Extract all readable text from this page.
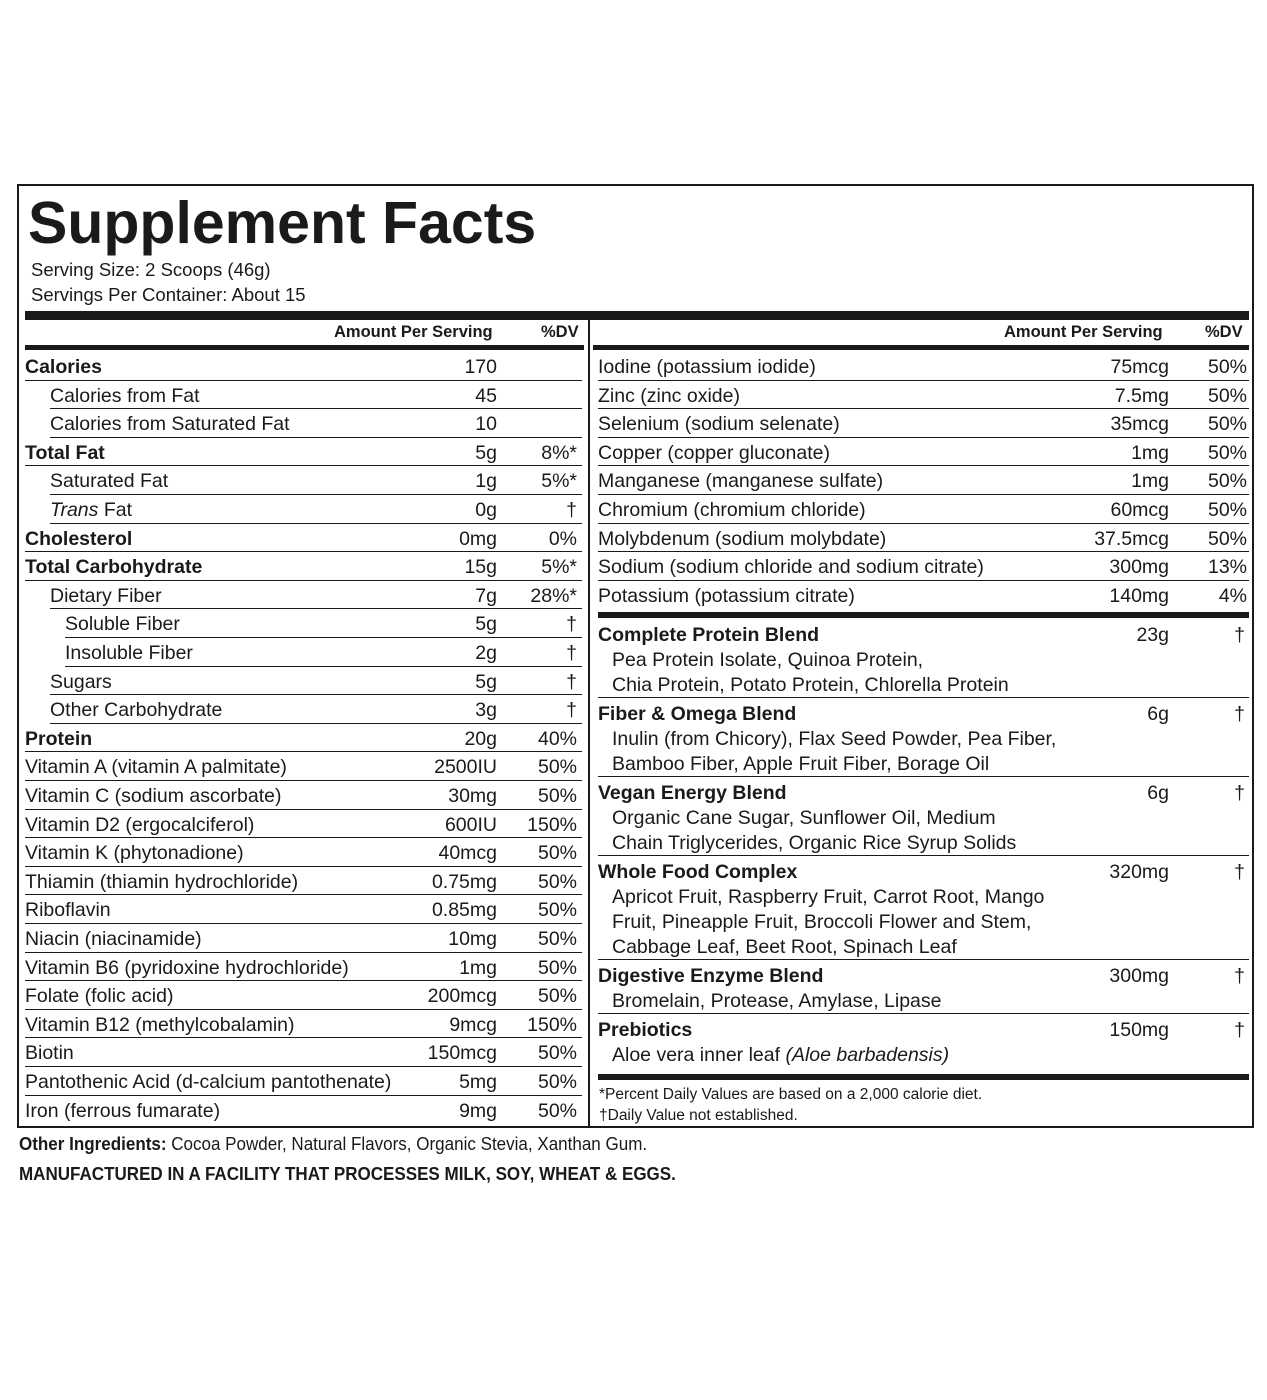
Supplement Facts
Serving Size: 2 Scoops (46g)
Servings Per Container: About 15
Amount Per Serving	%DV	Amount Per Serving	%DV
Calories	170
Calories from Fat	45
Calories from Saturated Fat	10
Total Fat	5g 8%*
Saturated Fat	1g 5%*
Trans Fat	0g	†
Cholesterol	0mg	0%
Total Carbohydrate	15g 5%*
Dietary Fiber	7g 28%*
Soluble Fiber	5g	†
Insoluble Fiber	2g	†
Sugars	5g	†
Other Carbohydrate	3g	†
Protein	20g 40%
Vitamin A (vitamin A palmitate)	2500IU 50%
Vitamin C (sodium ascorbate)	30mg 50%
Vitamin D2 (ergocalciferol)	600IU 150%
Vitamin K (phytonadione)	40mcg 50%
Thiamin (thiamin hydrochloride)	0.75mg 50%
Riboflavin	0.85mg 50%
Niacin (niacinamide)	10mg 50%
Vitamin B6 (pyridoxine hydrochloride)	1mg 50%
Folate (folic acid)	200mcg 50%
Vitamin B12 (methylcobalamin)	9mcg 150%
Biotin	150mcg 50%
Pantothenic Acid (d-calcium pantothenate)	5mg 50%
Iron (ferrous fumarate)	9mg 50%
Iodine (potassium iodide)	75mcg 50%
Zinc (zinc oxide)	7.5mg 50%
Selenium (sodium selenate)	35mcg 50%
Copper (copper gluconate)	1mg 50%
Manganese (manganese sulfate)	1mg 50%
Chromium (chromium chloride)	60mcg 50%
Molybdenum (sodium molybdate)	37.5mcg 50%
Sodium (sodium chloride and sodium citrate)	300mg 13%
Potassium (potassium citrate)	140mg	4%
Complete Protein Blend	23g	†
Pea Protein Isolate, Quinoa Protein,
Chia Protein, Potato Protein, Chlorella Protein
Fiber & Omega Blend	6g	†
Inulin (from Chicory), Flax Seed Powder, Pea Fiber,
Bamboo Fiber, Apple Fruit Fiber, Borage Oil
Vegan Energy Blend	6g	†
Organic Cane Sugar, Sunflower Oil, Medium
Chain Triglycerides, Organic Rice Syrup Solids
Whole Food Complex	320mg	†
Apricot Fruit, Raspberry Fruit, Carrot Root, Mango
Fruit, Pineapple Fruit, Broccoli Flower and Stem,
Cabbage Leaf, Beet Root, Spinach Leaf
Digestive Enzyme Blend	300mg	†
Bromelain, Protease, Amylase, Lipase
Prebiotics	150mg	†
Aloe vera inner leaf (Aloe barbadensis)
*Percent Daily Values are based on a 2,000 calorie diet.
†Daily Value not established.
Other Ingredients: Cocoa Powder, Natural Flavors, Organic Stevia, Xanthan Gum.
MANUFACTURED IN A FACILITY THAT PROCESSES MILK, SOY, WHEAT & EGGS.
